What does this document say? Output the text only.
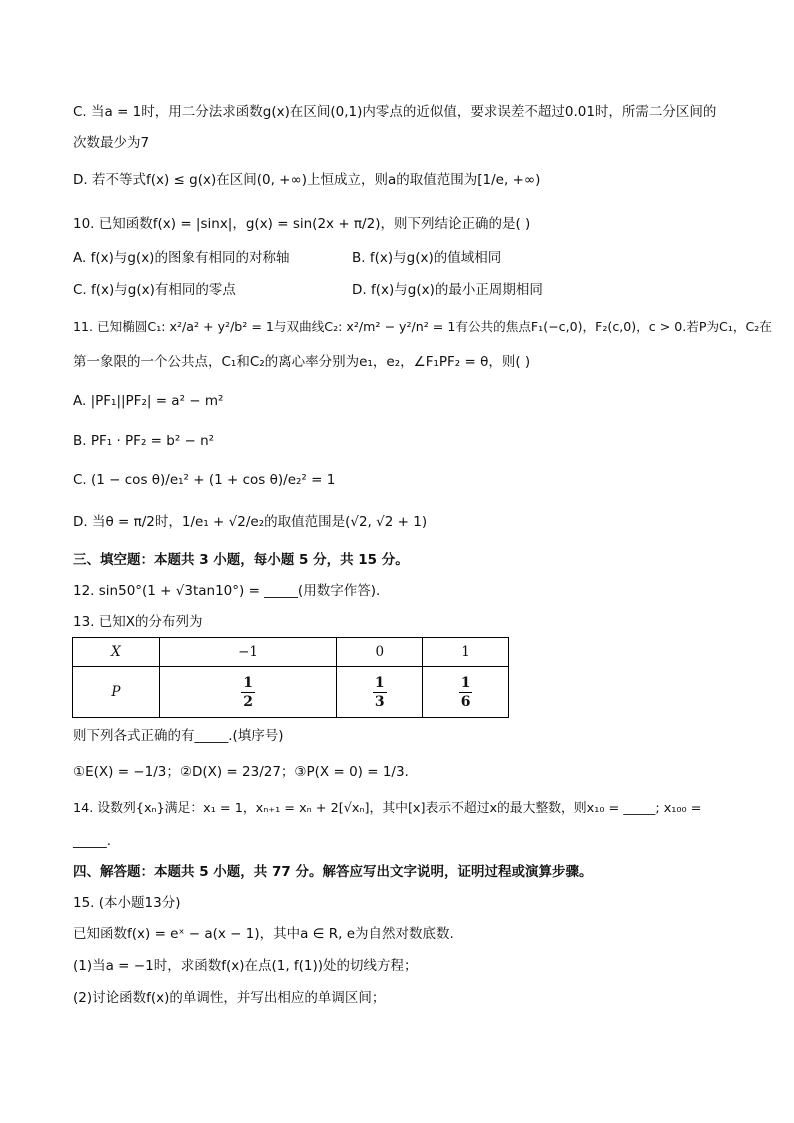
C. 当a = 1时，用二分法求函数g(x)在区间(0,1)内零点的近似值，要求误差不超过0.01时，所需二分区间的
次数最少为7
D. 若不等式f(x) ≤ g(x)在区间(0, +∞)上恒成立，则a的取值范围为[1/e, +∞)
10. 已知函数f(x) = |sinx|，g(x) = sin(2x + π/2)，则下列结论正确的是( )
A. f(x)与g(x)的图象有相同的对称轴	B. f(x)与g(x)的值域相同
C. f(x)与g(x)有相同的零点	D. f(x)与g(x)的最小正周期相同
11. 已知椭圆C₁: x²/a² + y²/b² = 1与双曲线C₂: x²/m² − y²/n² = 1有公共的焦点F₁(−c,0)，F₂(c,0)，c > 0.若P为C₁，C₂在
第一象限的一个公共点，C₁和C₂的离心率分别为e₁，e₂，∠F₁PF₂ = θ，则( )
A. |PF₁||PF₂| = a² − m²
B. PF₁ · PF₂ = b² − n²
C. (1 − cos θ)/e₁² + (1 + cos θ)/e₂² = 1
D. 当θ = π/2时，1/e₁ + √2/e₂的取值范围是(√2, √2 + 1)
三、填空题：本题共 3 小题，每小题 5 分，共 15 分。
12. sin50°(1 + √3tan10°) = _____(用数字作答).
13. 已知X的分布列为
X	−1	0	1
P	$\frac{1}{2}$	$\frac{1}{3}$	$\frac{1}{6}$
则下列各式正确的有_____.(填序号)
①E(X) = −1/3；②D(X) = 23/27；③P(X = 0) = 1/3.
14. 设数列{xₙ}满足：x₁ = 1，xₙ₊₁ = xₙ + 2[√xₙ]，其中[x]表示不超过x的最大整数，则x₁₀ = _____; x₁₀₀ =
_____.
四、解答题：本题共 5 小题，共 77 分。解答应写出文字说明，证明过程或演算步骤。
15. (本小题13分)
已知函数f(x) = eˣ − a(x − 1)，其中a ∈ R, e为自然对数底数.
(1)当a = −1时，求函数f(x)在点(1, f(1))处的切线方程；
(2)讨论函数f(x)的单调性，并写出相应的单调区间；
